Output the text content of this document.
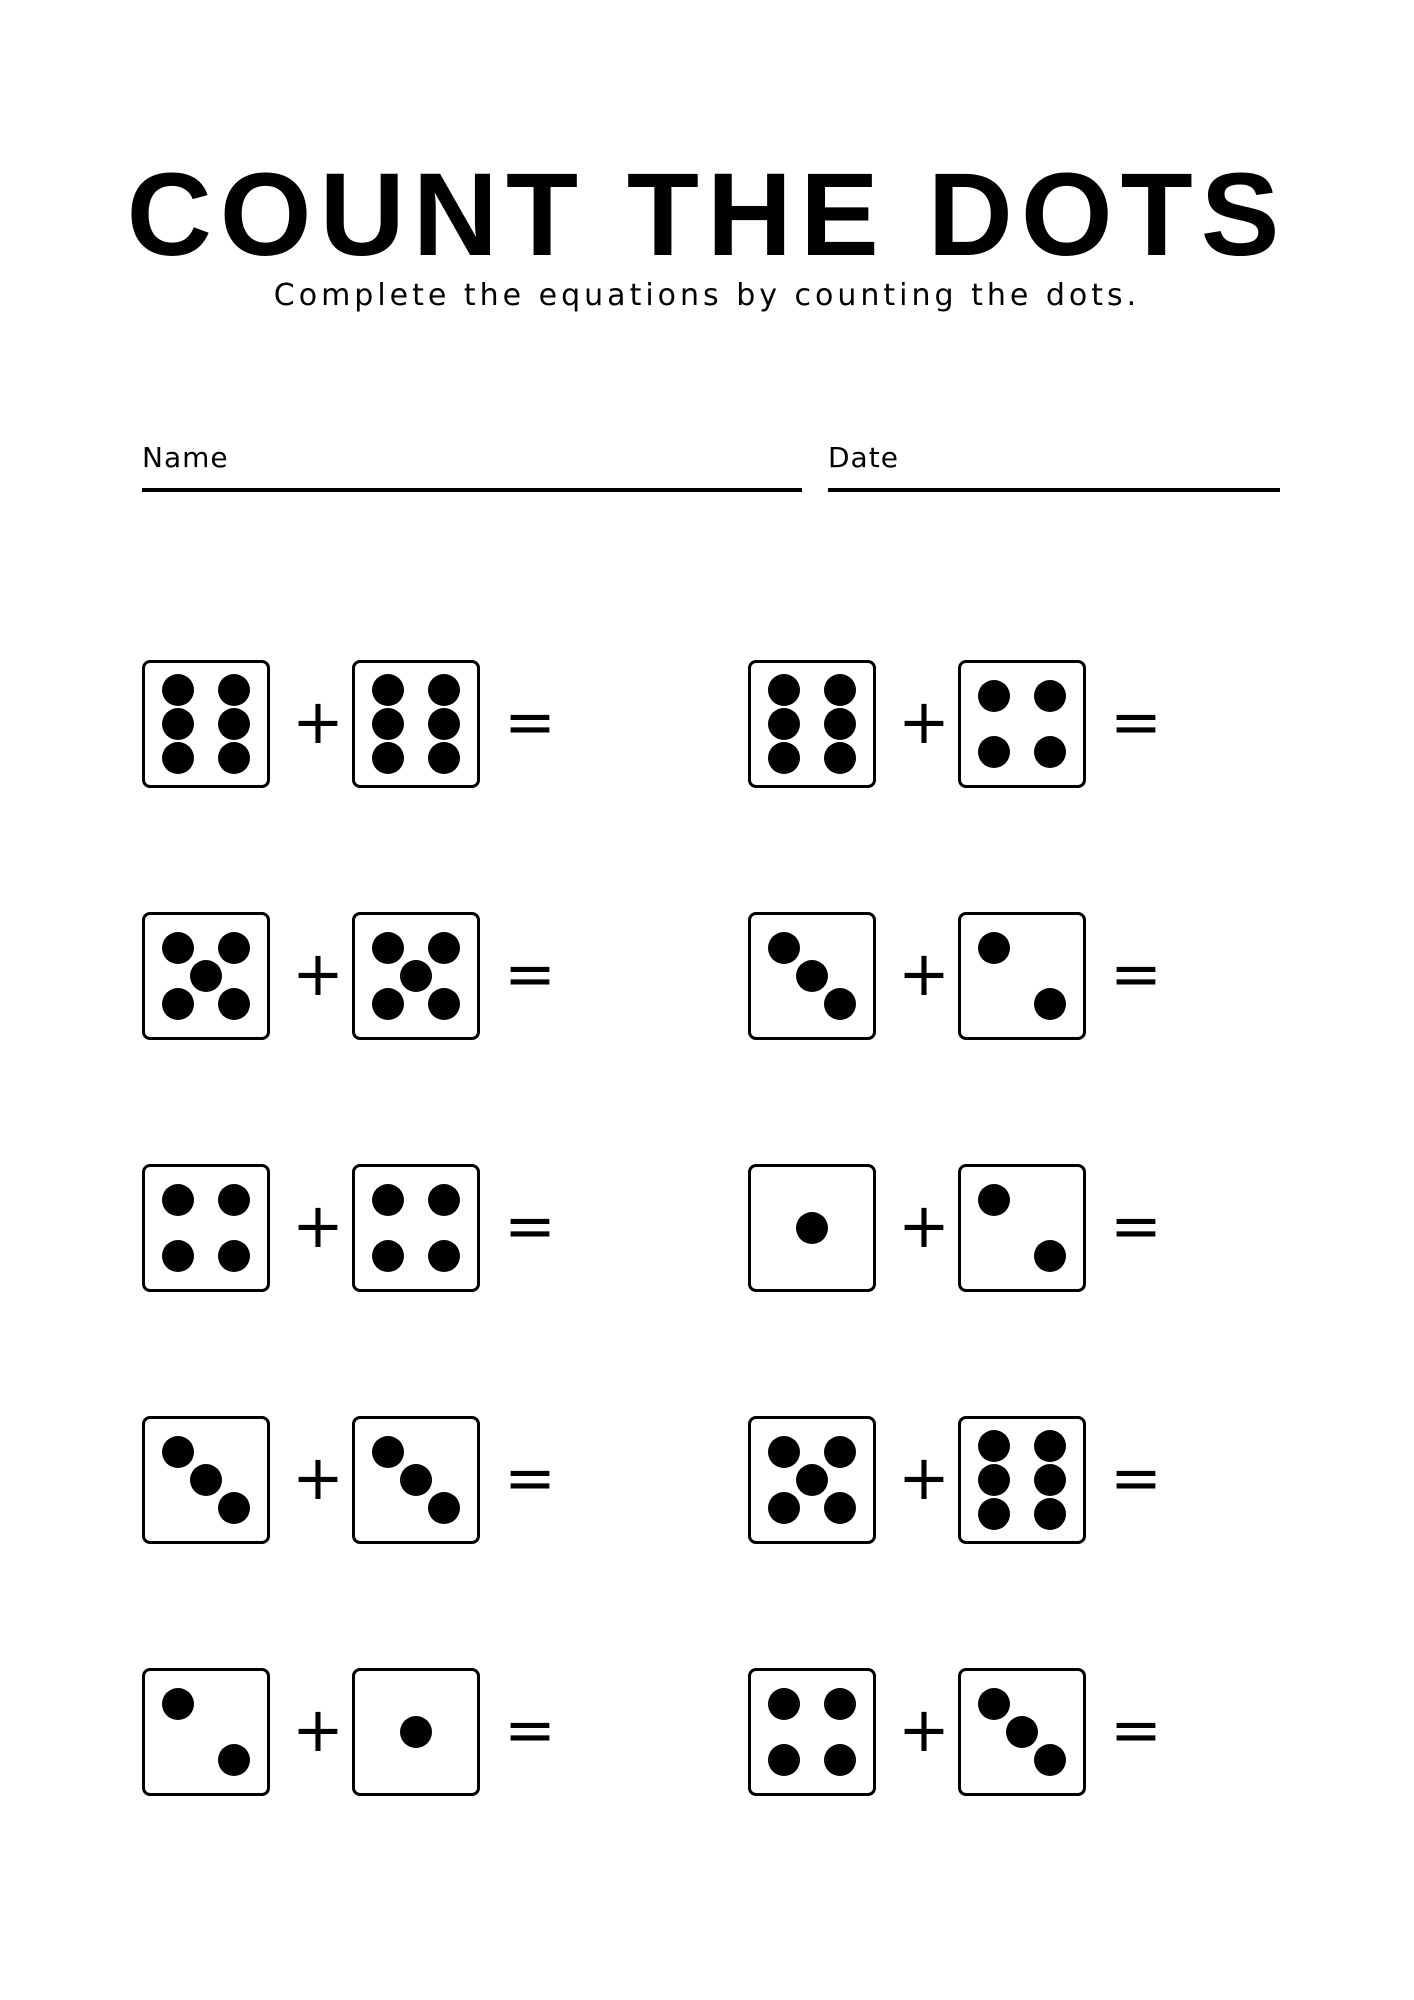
COUNT THE DOTS

Complete the equations by counting the dots.

Name	Date
+	=
+	=
+	=
+	=
+	=
+	=
+	=
+	=
+	=
+	=
